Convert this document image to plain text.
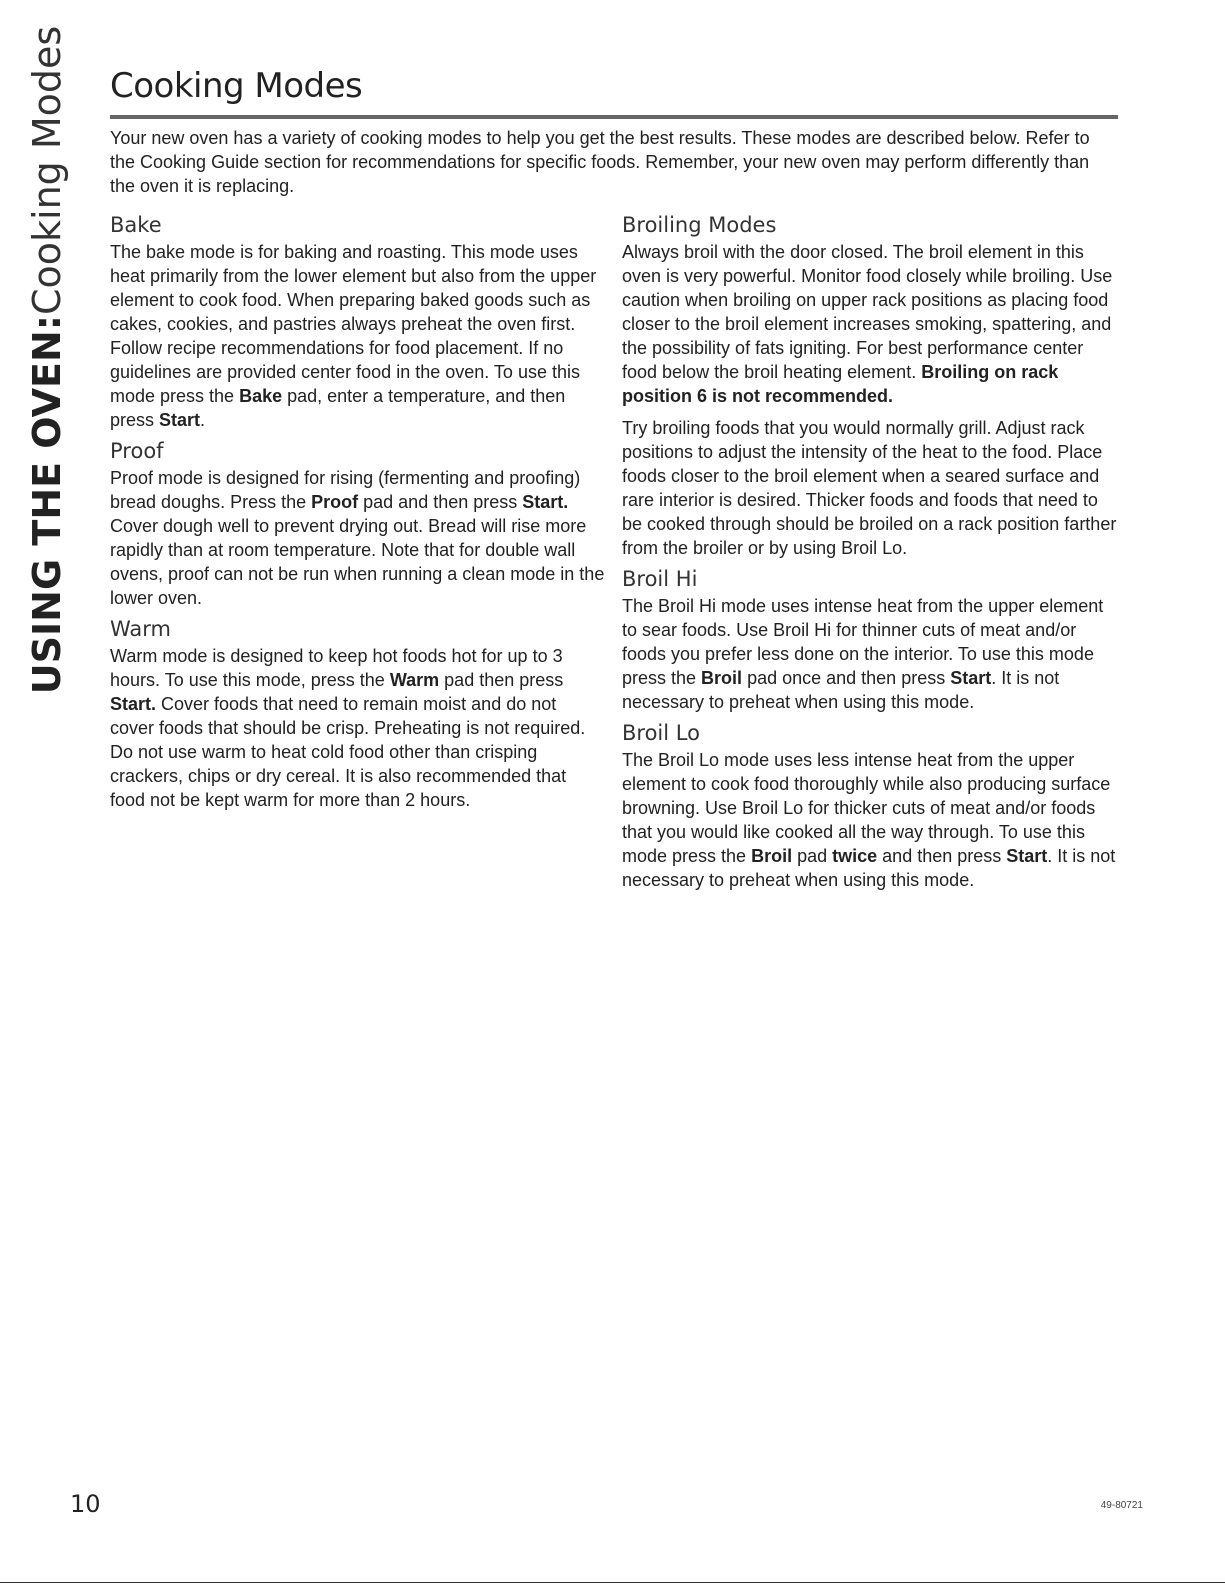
USING THE OVEN:Cooking Modes Cooking Modes

Your new oven has a variety of cooking modes to help you get the best results. These modes are described below. Refer to the Cooking Guide section for recommendations for specific foods. Remember, your new oven may perform differently than the oven it is replacing.

Bake

The bake mode is for baking and roasting. This mode uses heat primarily from the lower element but also from the upper element to cook food. When preparing baked goods such as cakes, cookies, and pastries always preheat the oven first. Follow recipe recommendations for food placement. If no guidelines are provided center food in the oven. To use this mode press the Bake pad, enter a temperature, and then press Start.

Proof

Proof mode is designed for rising (fermenting and proofing) bread doughs. Press the Proof pad and then press Start. Cover dough well to prevent drying out. Bread will rise more rapidly than at room temperature. Note that for double wall ovens, proof can not be run when running a clean mode in the lower oven.

Warm

Warm mode is designed to keep hot foods hot for up to 3 hours. To use this mode, press the Warm pad then press Start. Cover foods that need to remain moist and do not cover foods that should be crisp. Preheating is not required. Do not use warm to heat cold food other than crisping crackers, chips or dry cereal. It is also recommended that food not be kept warm for more than 2 hours.

Broiling Modes

Always broil with the door closed. The broil element in this oven is very powerful. Monitor food closely while broiling. Use caution when broiling on upper rack positions as placing food closer to the broil element increases smoking, spattering, and the possibility of fats igniting. For best performance center food below the broil heating element. Broiling on rack position 6 is not recommended.

Try broiling foods that you would normally grill. Adjust rack positions to adjust the intensity of the heat to the food. Place foods closer to the broil element when a seared surface and rare interior is desired. Thicker foods and foods that need to be cooked through should be broiled on a rack position farther from the broiler or by using Broil Lo.

Broil Hi

The Broil Hi mode uses intense heat from the upper element to sear foods. Use Broil Hi for thinner cuts of meat and/or foods you prefer less done on the interior. To use this mode press the Broil pad once and then press Start. It is not necessary to preheat when using this mode.

Broil Lo

The Broil Lo mode uses less intense heat from the upper element to cook food thoroughly while also producing surface browning. Use Broil Lo for thicker cuts of meat and/or foods that you would like cooked all the way through. To use this mode press the Broil pad twice and then press Start. It is not necessary to preheat when using this mode.

10	49-80721
